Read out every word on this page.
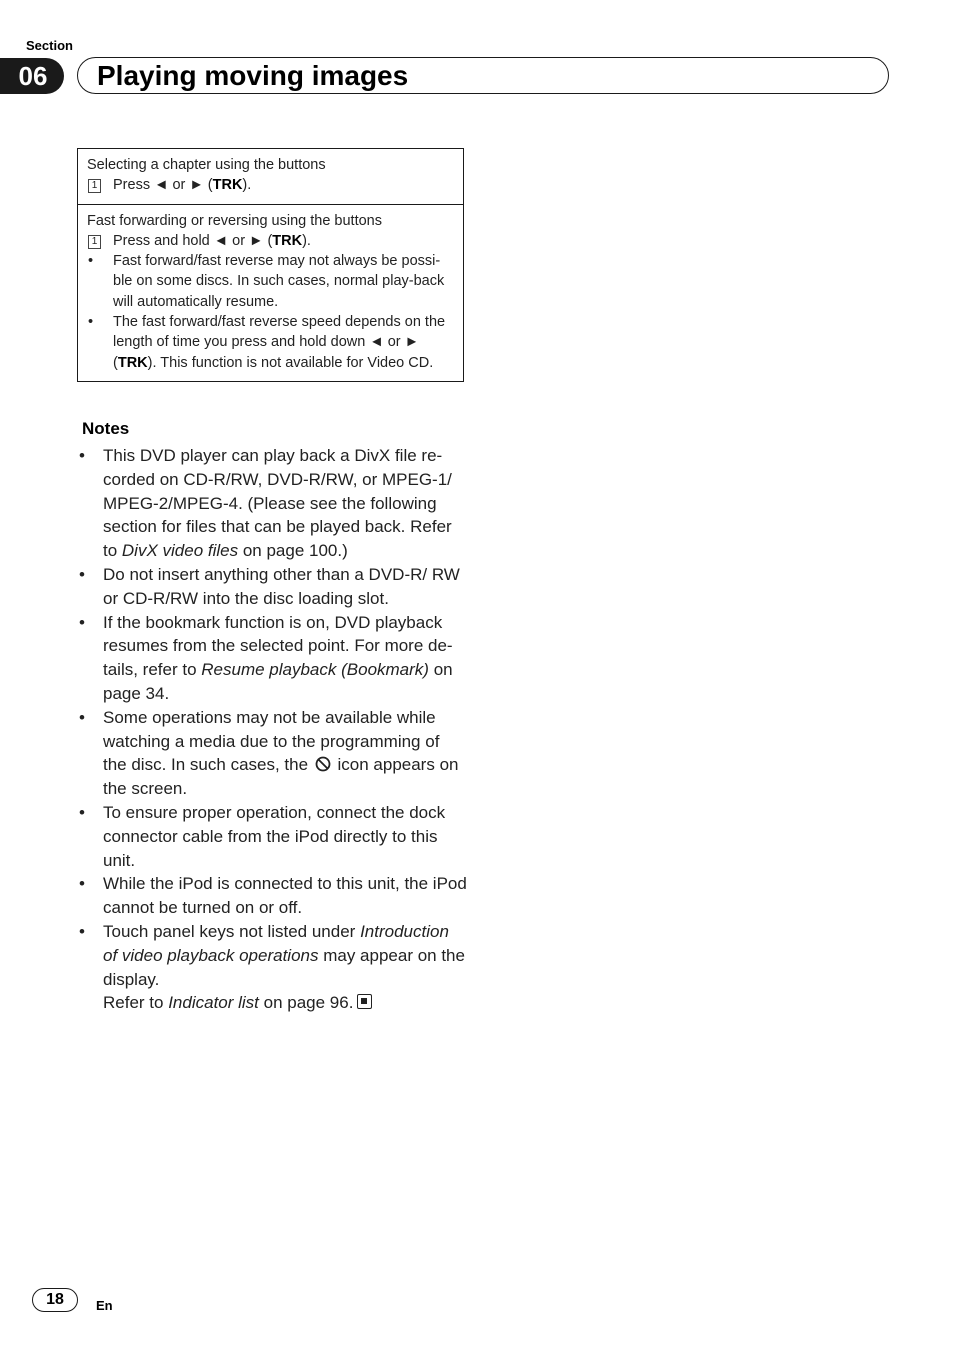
Section
06	Playing moving images
Selecting a chapter using the buttons
1 Press ◄ or ► (TRK).
Fast forwarding or reversing using the buttons
1 Press and hold ◄ or ► (TRK).
• Fast forward/fast reverse may not always be possi-ble on some discs. In such cases, normal play-back will automatically resume.
• The fast forward/fast reverse speed depends on the length of time you press and hold down ◄ or ► (TRK). This function is not available for Video CD.
Notes
• This DVD player can play back a DivX file re-corded on CD-R/RW, DVD-R/RW, or MPEG-1/ MPEG-2/MPEG-4. (Please see the following section for files that can be played back. Refer to DivX video files on page 100.)
• Do not insert anything other than a DVD-R/ RW or CD-R/RW into the disc loading slot.
• If the bookmark function is on, DVD playback resumes from the selected point. For more de-tails, refer to Resume playback (Bookmark) on page 34.
• Some operations may not be available while watching a media due to the programming of the disc. In such cases, the  icon appears on the screen.
• To ensure proper operation, connect the dock connector cable from the iPod directly to this unit.
• While the iPod is connected to this unit, the iPod cannot be turned on or off.
• Touch panel keys not listed under Introduction of video playback operations may appear on the display.
Refer to Indicator list on page 96.
18	En
